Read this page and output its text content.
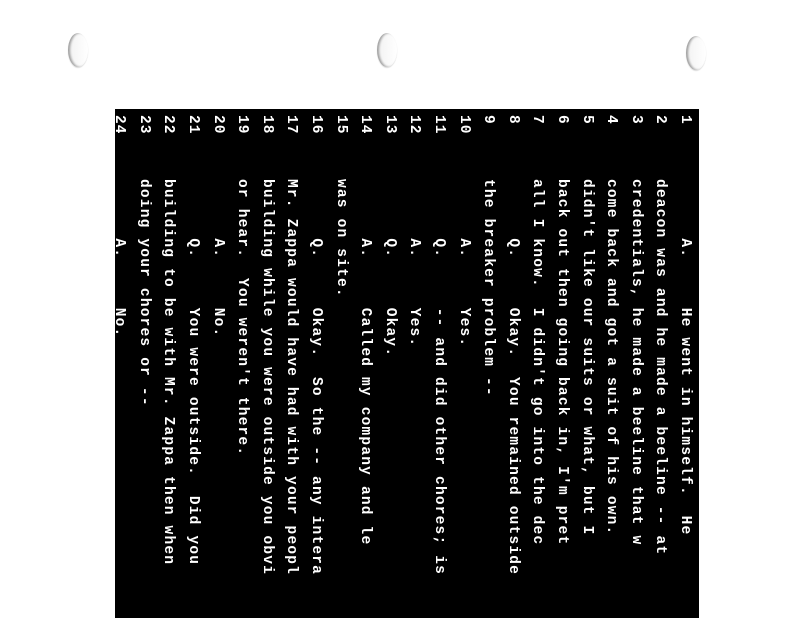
1
A.     He went in himself.  He
2
deacon was and he made a beeline -- at
3
credentials, he made a beeline that w
4
come back and got a suit of his own.
5
didn't like our suits or what, but I
6
back out then going back in, I'm pret
7
all I know.  I didn't go into the dec
8
Q.     Okay.  You remained outside
9
the breaker problem --
10
A.     Yes.
11
Q.     -- and did other chores; is
12
A.     Yes.
13
Q.     Okay.
14
A.     Called my company and le
15
was on site.
16
Q.     Okay.  So the -- any intera
17
Mr. Zappa would have had with your peopl
18
building while you were outside you obvi
19
or hear.  You weren't there.
20
A.     No.
21
Q.     You were outside.  Did you
22
building to be with Mr. Zappa then when
23
doing your chores or --
24
A.     No.
